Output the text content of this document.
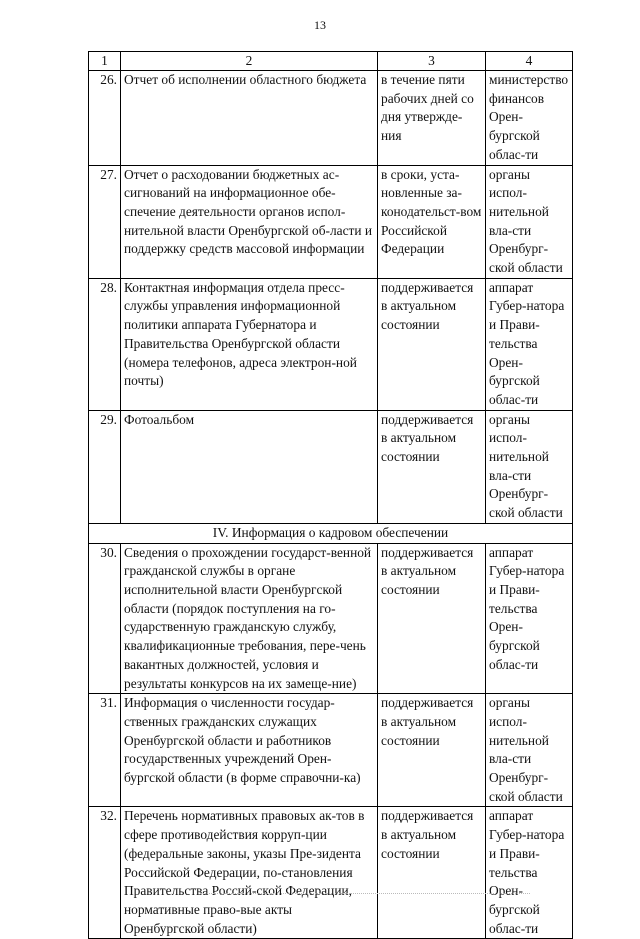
13
1	2	3	4
26.	Отчет об исполнении областного бюджета	в течение пяти рабочих дней со дня утвержде-ния	министерство финансов Орен-бургской облас-ти
27.	Отчет о расходовании бюджетных ас-сигнований на информационное обе-спечение деятельности органов испол-нительной власти Оренбургской об-ласти и поддержку средств массовой информации	в сроки, уста-новленные за-конодательст-вом Российской Федерации	органы испол-нительной вла-сти Оренбург-ской области
28.	Контактная информация отдела пресс-службы управления информационной политики аппарата Губернатора и Правительства Оренбургской области (номера телефонов, адреса электрон-ной почты)	поддерживается в актуальном состоянии	аппарат Губер-натора и Прави-тельства Орен-бургской облас-ти
29.	Фотоальбом	поддерживается в актуальном состоянии	органы испол-нительной вла-сти Оренбург-ской области
IV. Информация о кадровом обеспечении			
30.	Сведения о прохождении государст-венной гражданской службы в органе исполнительной власти Оренбургской области (порядок поступления на го-сударственную гражданскую службу, квалификационные требования, пере-чень вакантных должностей, условия и результаты конкурсов на их замеще-ние)	поддерживается в актуальном состоянии	аппарат Губер-натора и Прави-тельства Орен-бургской облас-ти
31.	Информация о численности государ-ственных гражданских служащих Оренбургской области и работников государственных учреждений Орен-бургской области (в форме справочни-ка)	поддерживается в актуальном состоянии	органы испол-нительной вла-сти Оренбург-ской области
32.	Перечень нормативных правовых ак-тов в сфере противодействия корруп-ции (федеральные законы, указы Пре-зидента Российской Федерации, по-становления Правительства Россий-ской Федерации, нормативные право-вые акты Оренбургской области)	поддерживается в актуальном состоянии	аппарат Губер-натора и Прави-тельства Орен-бургской облас-ти
